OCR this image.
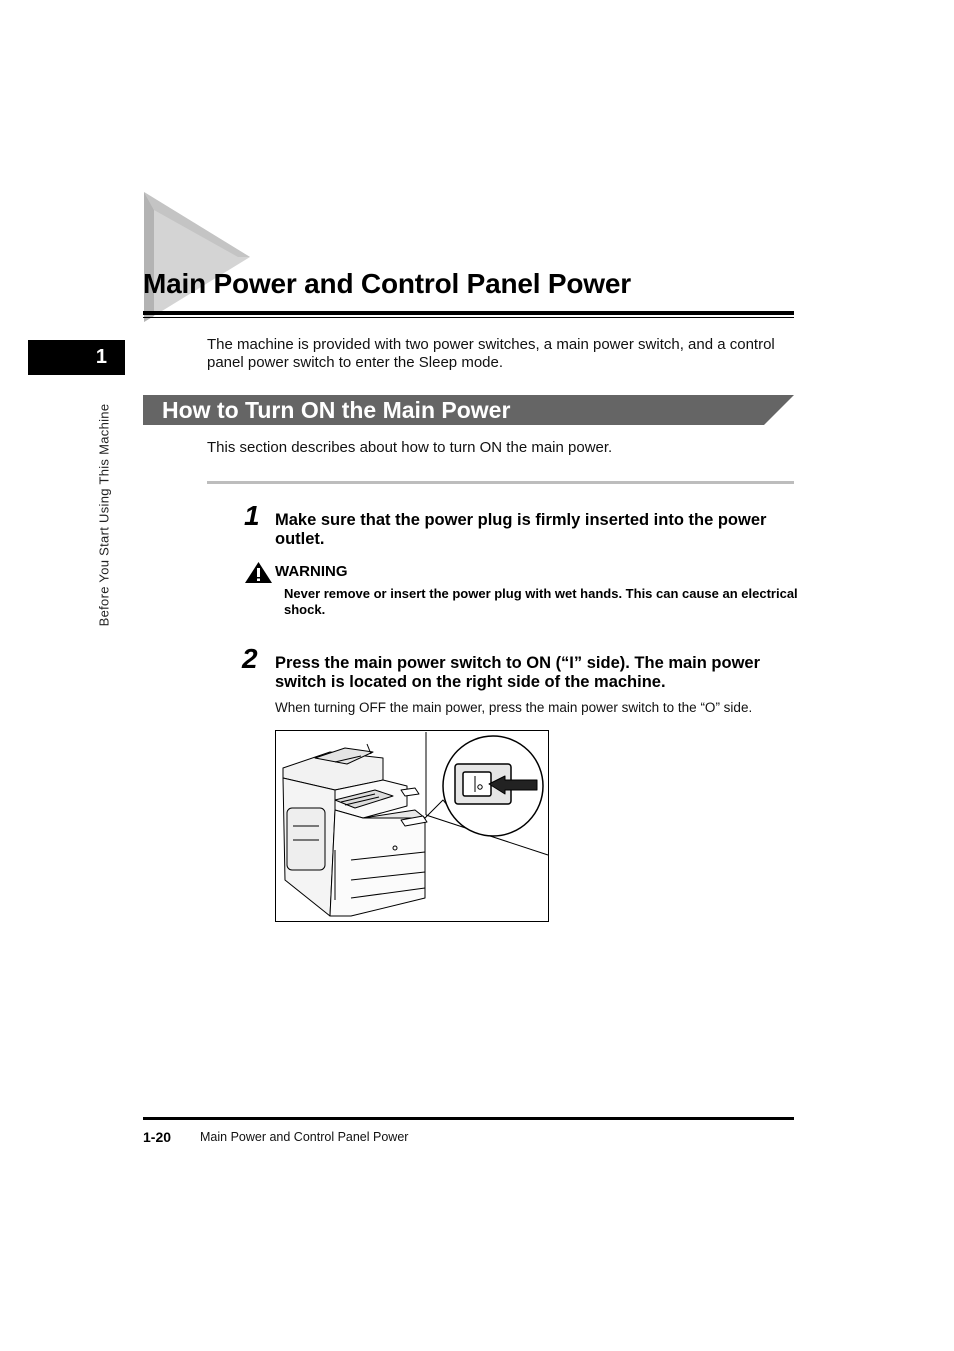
Main Power and Control Panel Power
1
Before You Start Using This Machine

The machine is provided with two power switches, a main power switch, and a control panel power switch to enter the Sleep mode.

How to Turn ON the Main Power

This section describes about how to turn ON the main power.

1 Make sure that the power plug is firmly inserted into the power outlet.
WARNING
Never remove or insert the power plug with wet hands. This can cause an electrical shock.
2 Press the main power switch to ON (“I” side). The main power switch is located on the right side of the machine.
When turning OFF the main power, press the main power switch to the “O” side.
1-20 Main Power and Control Panel Power
